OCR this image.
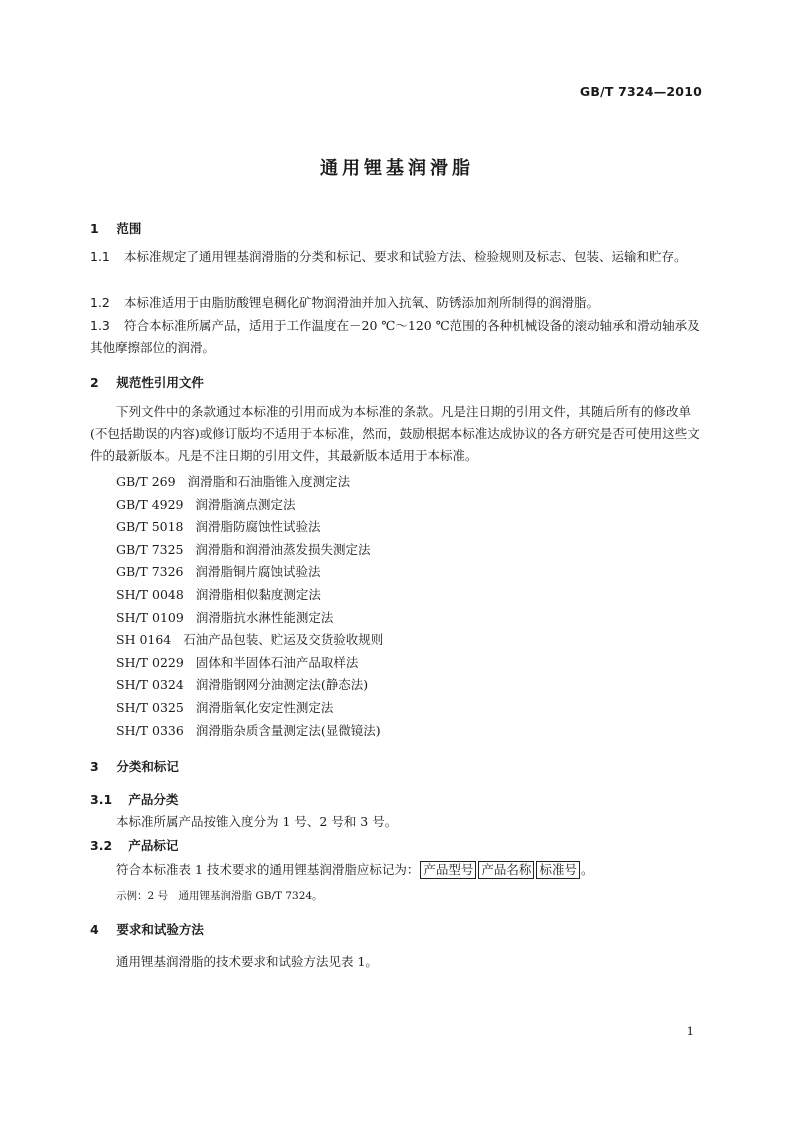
GB/T 7324—2010
通用锂基润滑脂
1 范围
1.1 本标准规定了通用锂基润滑脂的分类和标记、要求和试验方法、检验规则及标志、包装、运输和贮存。
1.2 本标准适用于由脂肪酸锂皂稠化矿物润滑油并加入抗氧、防锈添加剂所制得的润滑脂。
1.3 符合本标准所属产品，适用于工作温度在－20 ℃～120 ℃范围的各种机械设备的滚动轴承和滑动轴承及其他摩擦部位的润滑。
2 规范性引用文件
下列文件中的条款通过本标准的引用而成为本标准的条款。凡是注日期的引用文件，其随后所有的修改单(不包括勘误的内容)或修订版均不适用于本标准，然而，鼓励根据本标准达成协议的各方研究是否可使用这些文件的最新版本。凡是不注日期的引用文件，其最新版本适用于本标准。
GB/T 269 润滑脂和石油脂锥入度测定法
GB/T 4929 润滑脂滴点测定法
GB/T 5018 润滑脂防腐蚀性试验法
GB/T 7325 润滑脂和润滑油蒸发损失测定法
GB/T 7326 润滑脂铜片腐蚀试验法
SH/T 0048 润滑脂相似黏度测定法
SH/T 0109 润滑脂抗水淋性能测定法
SH 0164 石油产品包装、贮运及交货验收规则
SH/T 0229 固体和半固体石油产品取样法
SH/T 0324 润滑脂钢网分油测定法(静态法)
SH/T 0325 润滑脂氧化安定性测定法
SH/T 0336 润滑脂杂质含量测定法(显微镜法)
3 分类和标记
3.1 产品分类
本标准所属产品按锥入度分为 1 号、2 号和 3 号。
3.2 产品标记
符合本标准表 1 技术要求的通用锂基润滑脂应标记为： 产品型号 产品名称 标准号 。
示例：2 号　通用锂基润滑脂 GB/T 7324。
4 要求和试验方法
通用锂基润滑脂的技术要求和试验方法见表 1。
1
